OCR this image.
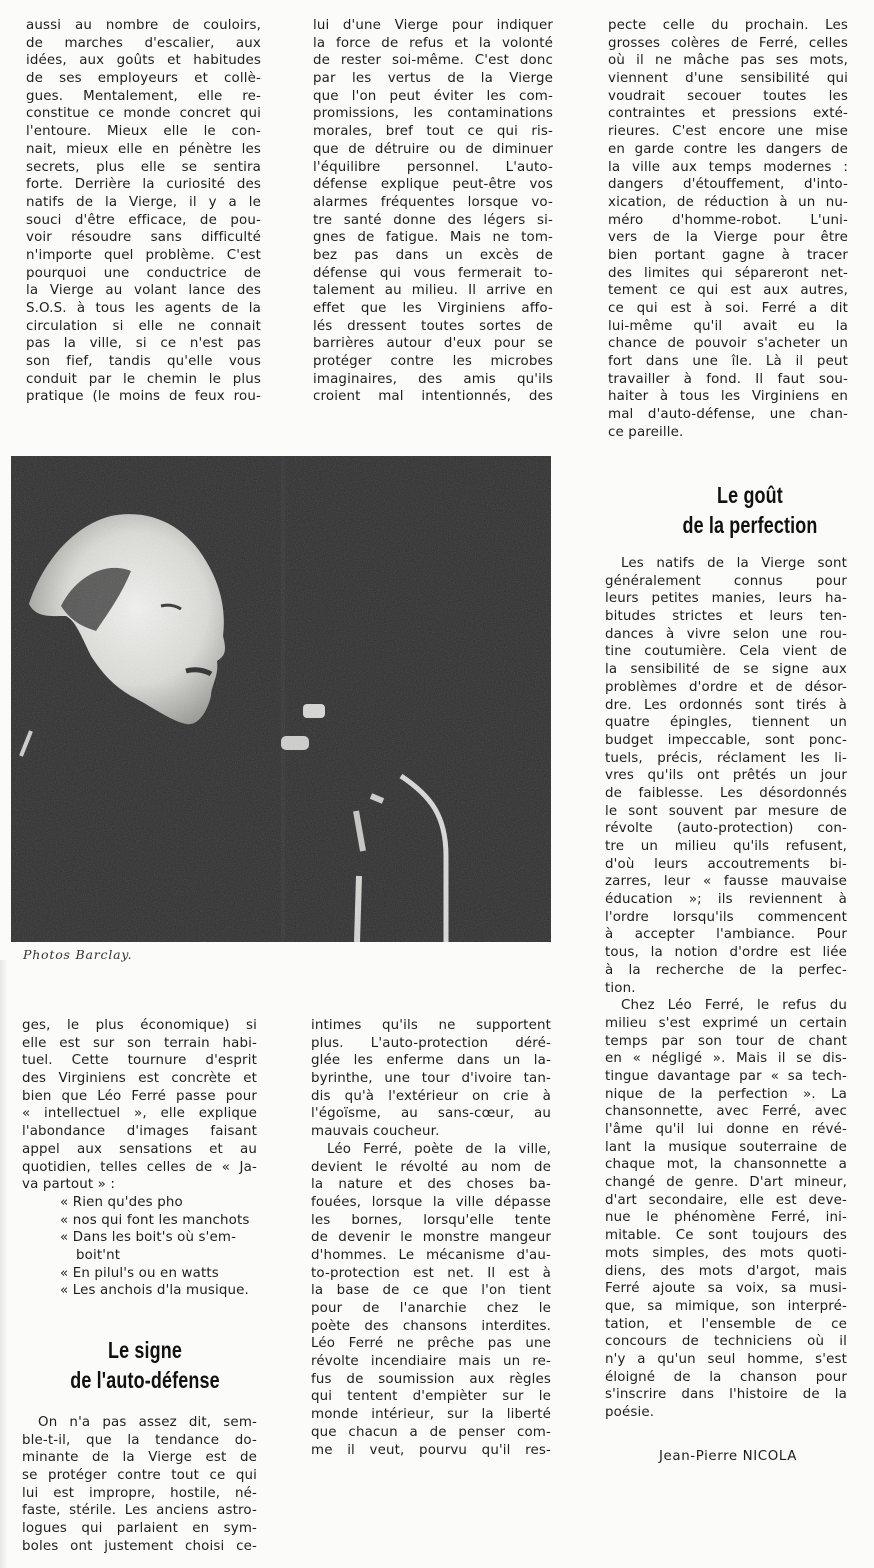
aussi au nombre de couloirs,
de marches d'escalier, aux
idées, aux goûts et habitudes
de ses employeurs et collè-
gues. Mentalement, elle re-
constitue ce monde concret qui
l'entoure. Mieux elle le con-
nait, mieux elle en pénètre les
secrets, plus elle se sentira
forte. Derrière la curiosité des
natifs de la Vierge, il y a le
souci d'être efficace, de pou-
voir résoudre sans difficulté
n'importe quel problème. C'est
pourquoi une conductrice de
la Vierge au volant lance des
S.O.S. à tous les agents de la
circulation si elle ne connait
pas la ville, si ce n'est pas
son fief, tandis qu'elle vous
conduit par le chemin le plus
pratique (le moins de feux rou-
lui d'une Vierge pour indiquer
la force de refus et la volonté
de rester soi-même. C'est donc
par les vertus de la Vierge
que l'on peut éviter les com-
promissions, les contaminations
morales, bref tout ce qui ris-
que de détruire ou de diminuer
l'équilibre personnel. L'auto-
défense explique peut-être vos
alarmes fréquentes lorsque vo-
tre santé donne des légers si-
gnes de fatigue. Mais ne tom-
bez pas dans un excès de
défense qui vous fermerait to-
talement au milieu. Il arrive en
effet que les Virginiens affo-
lés dressent toutes sortes de
barrières autour d'eux pour se
protéger contre les microbes
imaginaires, des amis qu'ils
croient mal intentionnés, des
pecte celle du prochain. Les
grosses colères de Ferré, celles
où il ne mâche pas ses mots,
viennent d'une sensibilité qui
voudrait secouer toutes les
contraintes et pressions exté-
rieures. C'est encore une mise
en garde contre les dangers de
la ville aux temps modernes :
dangers d'étouffement, d'into-
xication, de réduction à un nu-
méro d'homme-robot. L'uni-
vers de la Vierge pour être
bien portant gagne à tracer
des limites qui sépareront net-
tement ce qui est aux autres,
ce qui est à soi. Ferré a dit
lui-même qu'il avait eu la
chance de pouvoir s'acheter un
fort dans une île. Là il peut
travailler à fond. Il faut sou-
haiter à tous les Virginiens en
mal d'auto-défense, une chan-
ce pareille.
Le goût
de la perfection
Les natifs de la Vierge sont
généralement connus pour
leurs petites manies, leurs ha-
bitudes strictes et leurs ten-
dances à vivre selon une rou-
tine coutumière. Cela vient de
la sensibilité de se signe aux
problèmes d'ordre et de désor-
dre. Les ordonnés sont tirés à
quatre épingles, tiennent un
budget impeccable, sont ponc-
tuels, précis, réclament les li-
vres qu'ils ont prêtés un jour
de faiblesse. Les désordonnés
le sont souvent par mesure de
révolte (auto-protection) con-
tre un milieu qu'ils refusent,
d'où leurs accoutrements bi-
zarres, leur « fausse mauvaise
éducation »; ils reviennent à
l'ordre lorsqu'ils commencent
à accepter l'ambiance. Pour
tous, la notion d'ordre est liée
à la recherche de la perfec-
tion.
Chez Léo Ferré, le refus du
milieu s'est exprimé un certain
temps par son tour de chant
en « négligé ». Mais il se dis-
tingue davantage par « sa tech-
nique de la perfection ». La
chansonnette, avec Ferré, avec
l'âme qu'il lui donne en révé-
lant la musique souterraine de
chaque mot, la chansonnette a
changé de genre. D'art mineur,
d'art secondaire, elle est deve-
nue le phénomène Ferré, ini-
mitable. Ce sont toujours des
mots simples, des mots quoti-
diens, des mots d'argot, mais
Ferré ajoute sa voix, sa musi-
que, sa mimique, son interpré-
tation, et l'ensemble de ce
concours de techniciens où il
n'y a qu'un seul homme, s'est
éloigné de la chanson pour
s'inscrire dans l'histoire de la
poésie.
Photos Barclay.
ges, le plus économique) si
elle est sur son terrain habi-
tuel. Cette tournure d'esprit
des Virginiens est concrète et
bien que Léo Ferré passe pour
« intellectuel », elle explique
l'abondance d'images faisant
appel aux sensations et au
quotidien, telles celles de « Ja-
va partout » :
« Rien qu'des pho
« nos qui font les manchots
« Dans les boit's où s'em-
boit'nt
« En pilul's ou en watts
« Les anchois d'la musique.
Le signe
de l'auto-défense
On n'a pas assez dit, sem-
ble-t-il, que la tendance do-
minante de la Vierge est de
se protéger contre tout ce qui
lui est impropre, hostile, né-
faste, stérile. Les anciens astro-
logues qui parlaient en sym-
boles ont justement choisi ce-
intimes qu'ils ne supportent
plus. L'auto-protection déré-
glée les enferme dans un la-
byrinthe, une tour d'ivoire tan-
dis qu'à l'extérieur on crie à
l'égoïsme, au sans-cœur, au
mauvais coucheur.
Léo Ferré, poète de la ville,
devient le révolté au nom de
la nature et des choses ba-
fouées, lorsque la ville dépasse
les bornes, lorsqu'elle tente
de devenir le monstre mangeur
d'hommes. Le mécanisme d'au-
to-protection est net. Il est à
la base de ce que l'on tient
pour de l'anarchie chez le
poète des chansons interdites.
Léo Ferré ne prêche pas une
révolte incendiaire mais un re-
fus de soumission aux règles
qui tentent d'empièter sur le
monde intérieur, sur la liberté
que chacun a de penser com-
me il veut, pourvu qu'il res-	Jean-Pierre NICOLA
